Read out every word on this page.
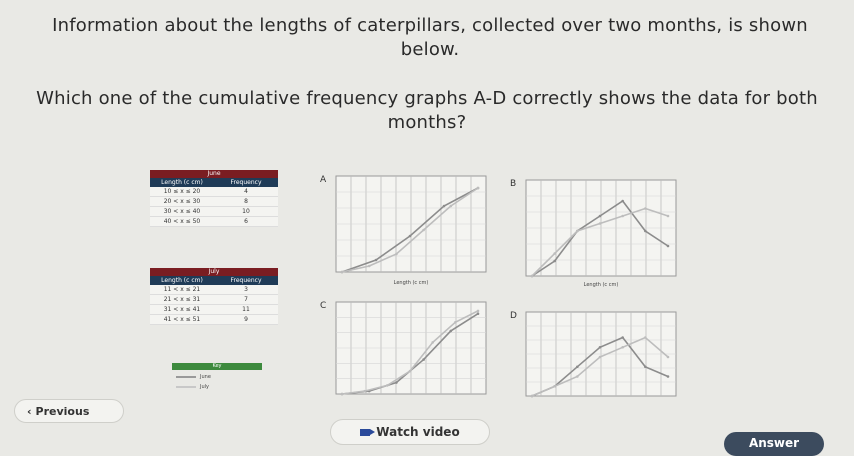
Information about the lengths of caterpillars, collected over two months, is shown below.
Which one of the cumulative frequency graphs A-D correctly shows the data for both months?
June
Length (c cm)	Frequency
10 ≤ x ≤ 20	4
20 < x ≤ 30	8
30 < x ≤ 40	10
40 < x ≤ 50	6
July
Length (c cm)	Frequency
11 < x ≤ 21	3
21 < x ≤ 31	7
31 < x ≤ 41	11
41 < x ≤ 51	9
Key
June
July
A
Length (c cm)
B
Length (c cm)
C
D
‹ Previous
Watch video
Answer
